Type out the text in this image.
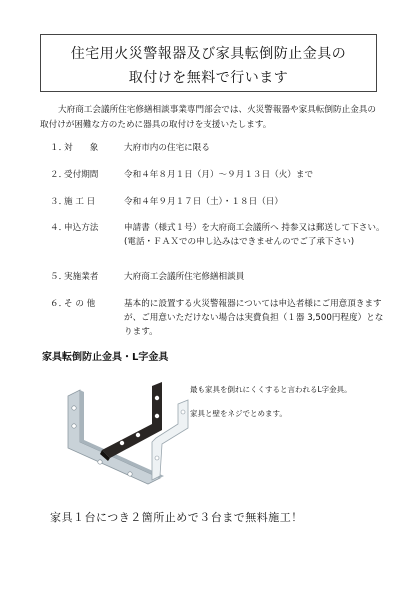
住宅用火災警報器及び家具転倒防止金具の
取付けを無料で行います
大府商工会議所住宅修繕相談事業専門部会では、火災警報器や家具転倒防止金具の取付けが困難な方のために器具の取付けを支援いたします。
１．
対　　象	大府市内の住宅に限る
２．
受付期間	令和４年８月１日（月）～９月１３日（火）まで
３．
施 工 日	令和４年９月１７日（土）・１８日（日）
４．
申込方法	申請書（様式１号）を大府商工会議所へ 持参又は郵送して下さい。(電話・ＦＡＸでの申し込みはできませんのでご了承下さい)
５．
実施業者	大府商工会議所住宅修繕相談員
６．
そ の 他	基本的に設置する火災警報器については申込者様にご用意頂きますが、ご用意いただけない場合は実費負担（１器 3,500円程度）となります。
家具転倒防止金具・L字金具
最も家具を倒れにくくすると言われるL字金具。
家具と壁をネジでとめます。
家具１台につき２箇所止めで３台まで無料施工！
